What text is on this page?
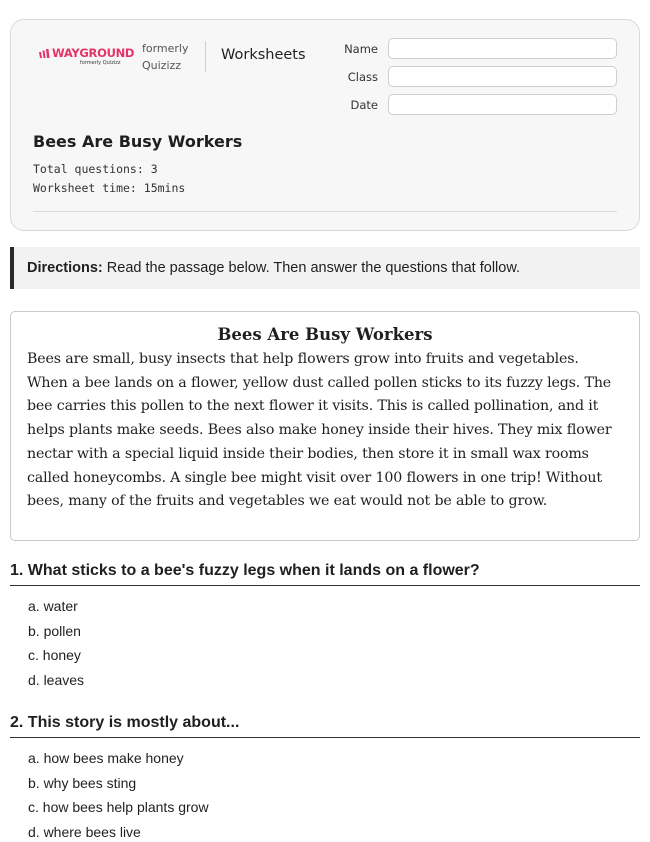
WAYGROUND
formerly Quizizz
formerly
Quizizz
Worksheets	Name
Class
Date
Bees Are Busy Workers
Total questions: 3
Worksheet time: 15mins
Directions: Read the passage below. Then answer the questions that follow.
Bees Are Busy Workers
Bees are small, busy insects that help flowers grow into fruits and vegetables. When a bee lands on a flower, yellow dust called pollen sticks to its fuzzy legs. The bee carries this pollen to the next flower it visits. This is called pollination, and it helps plants make seeds. Bees also make honey inside their hives. They mix flower nectar with a special liquid inside their bodies, then store it in small wax rooms called honeycombs. A single bee might visit over 100 flowers in one trip! Without bees, many of the fruits and vegetables we eat would not be able to grow.
1. What sticks to a bee's fuzzy legs when it lands on a flower?
a. water
b. pollen
c. honey
d. leaves
2. This story is mostly about...
a. how bees make honey
b. why bees sting
c. how bees help plants grow
d. where bees live
